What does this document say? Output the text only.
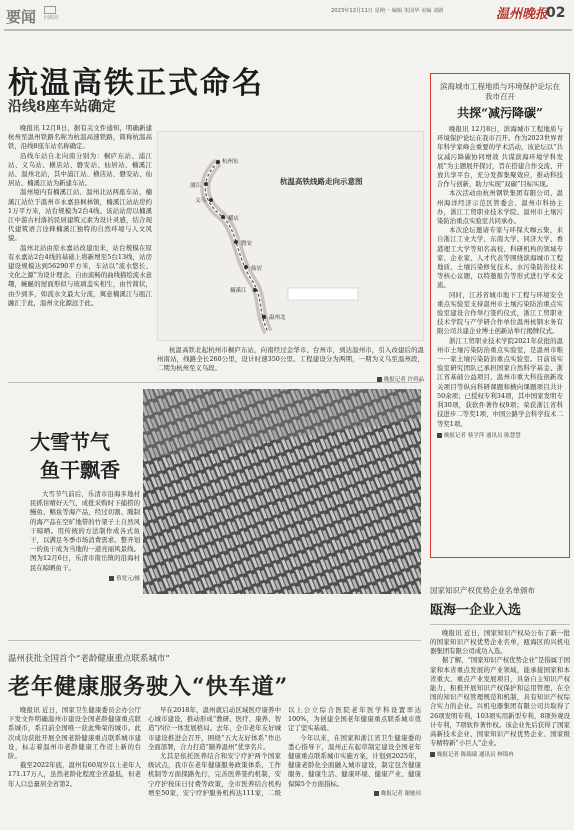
要闻 问政坊
2023年12月11日 星期一 编辑 朱国华 美编 刘路	温州晚报
02
杭温高铁正式命名
沿线8座车站确定

晚报讯 12月8日，据有关文件通知，明确新建杭州至温州铁路名称为杭温高速铁路，简称杭温高铁，沿线8座车站名称确定。

沿线车站自北向南分别为：桐庐东站、浦江站、义乌站、横店站、磐安站、仙居站、楠溪江站、温州北站，其中浦江站、横店站、磐安站、仙居站、楠溪江站为新建车站。

温州境内有楠溪江站、温州北站两座车站，楠溪江站位于温州市永嘉县枫林镇，楠溪江站站房约1万平方米，站台规模为2台4线。该站站房以楠溪江中游古村落的民居建筑元素为设计灵感，结合现代建筑语言诠释楠溪江独特的自然环境与人文风貌。

温州北站由原永嘉站改建而来，站台规模在原有永嘉站2台4线的基础上将新增至5台13线，站房建设规模达到56290平方米，车站以“流水悠长、文化之源”为设计理念，自由流畅的曲线描绘流水意趣，蜿蜒的屋面形似与玻璃盖实相生，由竹简状，由少到多，如流水文最大分流，寓意楠溪江与瓯江融汇于此，温州文化源远于此。

杭温高铁线路走向示意图
杭州东
浦江
义乌
横店
磐安
仙居
楠溪江
温州北

杭温高铁北起杭州市桐庐东站，向南经过金华市、台州市，到达温州市，引入改建后的温州南站，线路全长260公里，设计时速350公里。工程建设分为两期，一期为义乌至温州段，二期为杭州至义乌段。

晚报记者 许舜晶
滨海城市工程地质与环境保护论坛在我市召开
共探“减污降碳”

晚报讯 12月8日，滨海城市工程地质与环境保护论坛在我市召开。作为2023世界青年科学家峰会重要的学术活动，该论坛以“共议减污降碳协同增效 共谋滨海环境学科发展”为主题展开探讨，旨在搭建合作交流、开放共享平台，充分发挥集聚效应，推动科技合作与创新，助力实现“双碳”目标实现。

本次活动由杭州钢铁集团有限公司、温州海洋经济示范区管委会、温州市科协主办，浙江工贸职业技术学院、温州市土壤污染防治重点实验室共同承办。

本次论坛邀请专家与环保大咖云集，来自浙江工业大学、东南大学、同济大学、香港理工大学等知名高校、科研机构的领域专家、企业家、人才代表等围绕滨海城市工程地质、土壤污染修复技术、水污染防治技术等核心议题，以特邀报告等形式进行学术交流。

同时，江苏省城市地下工程与环境安全重点实验室支持温州市土壤污染防治重点实验室建设合作举行签约仪式，浙江工贸职业技术学院与产学研合作单位温州杭钢水务有限公司共建企业博士创新站举行揭牌仪式。

浙江工贸职业技术学院2021年获批的温州市土壤污染防治重点实验室，是温州市唯一一家土壤污染防治重点实验室。目前该实验室研究团队已承担国家自然科学基金、浙江省基础公益项目、温州市重大科技创新攻关项目等纵向科研课题和横向课题项目共计50余项；已授权专利34项，其中国家发明专利30项，获软件著作权9项；荣获浙江省科技进步二等奖1项、中国公路学会科学技术二等奖1项。

晚报记者 蔡学萍 通讯员 陈慧慧
大雪节气
鱼干飘香

大雪节气前后，乐清市沿海多地村民抓住晴好天气，成批采购时下捕捞的鳗鱼、鲳鱼等海产品，经过切割、腌制的海产品在空旷地带的竹架子上自然风干晾晒。用传统的方法制作成各式鱼干，以满足冬季市场消费需求。整齐划一的鱼干成为当地的一道亮丽风景线。图为12月6日，乐清市南岳镇的沿海村民在晾晒鱼干。

蔡宽元/摄
国家知识产权优势企业名单颁布
瓯海一企业入选

晚报讯 近日，国家知识产权局公布了新一批的国家知识产权优势企业名单，瓯海区的兴机电器集团有限公司成功入选。

据了解，“国家知识产权优势企业”是指属于国家和本省重点发展的产业领域，能承接国家和本省重大、重点产业发展项目，具备自主知识产权能力，积极开展知识产权保护和运用管理，在全国的知识产权管理规范和机制，具有知识产权综合实力的企业。兴机电器集团有限公司共取得了26项发明专利，103项实用新型专利，8项外观设计专利，7项软件著作权。该企业先后获得了国家高新技术企业、国家知识产权优势企业、国家级专精特新“小巨人”企业。

晚报记者 陈瑞瑞 通讯员 林锦冉
温州获批全国首个“老龄健康重点联系城市”
老年健康服务驶入“快车道”

晚报讯 近日，国家卫生健康委员会办公厅下发文件明确温州市建设全国老龄健康重点联系城市，系目前全国唯一获此殊荣的城市。此次成功获批开展全国老龄健康重点联系城市建设，标志着温州市老龄健康工作迈上新的台阶。

截至2022年底，温州有60周岁以上老年人171.17万人，虽然老龄化程度全省最低，但老年人口总量居全省第2。

早在2018年，温州就启动区域医疗康养中心城市建设，推动形成“教研、医疗、康养、智造”四位一体发展格局。去年，全市老年友好城市建设推进会召开，围绕“五大友好体系”作出全面部署，合力打造“颐养温州”优享名片。

尤其是依托医养结合和安宁疗护两个国家级试点，我市在老年健康服务政策体系、工作机制等方面探路先行，完善医养签约机制，安宁疗护按床日付费等政策，全市医养结合机构增至50家，安宁疗护服务机构达111家，二级以上公立综合医院老年医学科设置率达100%，为创建全国老年健康重点联系城市奠定了坚实基础。

今年以来，在国家和浙江省卫生健康委的悉心指导下，温州正在起草制定建设全国老年健康重点联系城市实施方案，计划到2025年，健康老龄化全面融入城市建设，制定包含健康服务、健康生活、健康环境、健康产业、健康保障5个方面指标。

晚报记者 谢驰玮
